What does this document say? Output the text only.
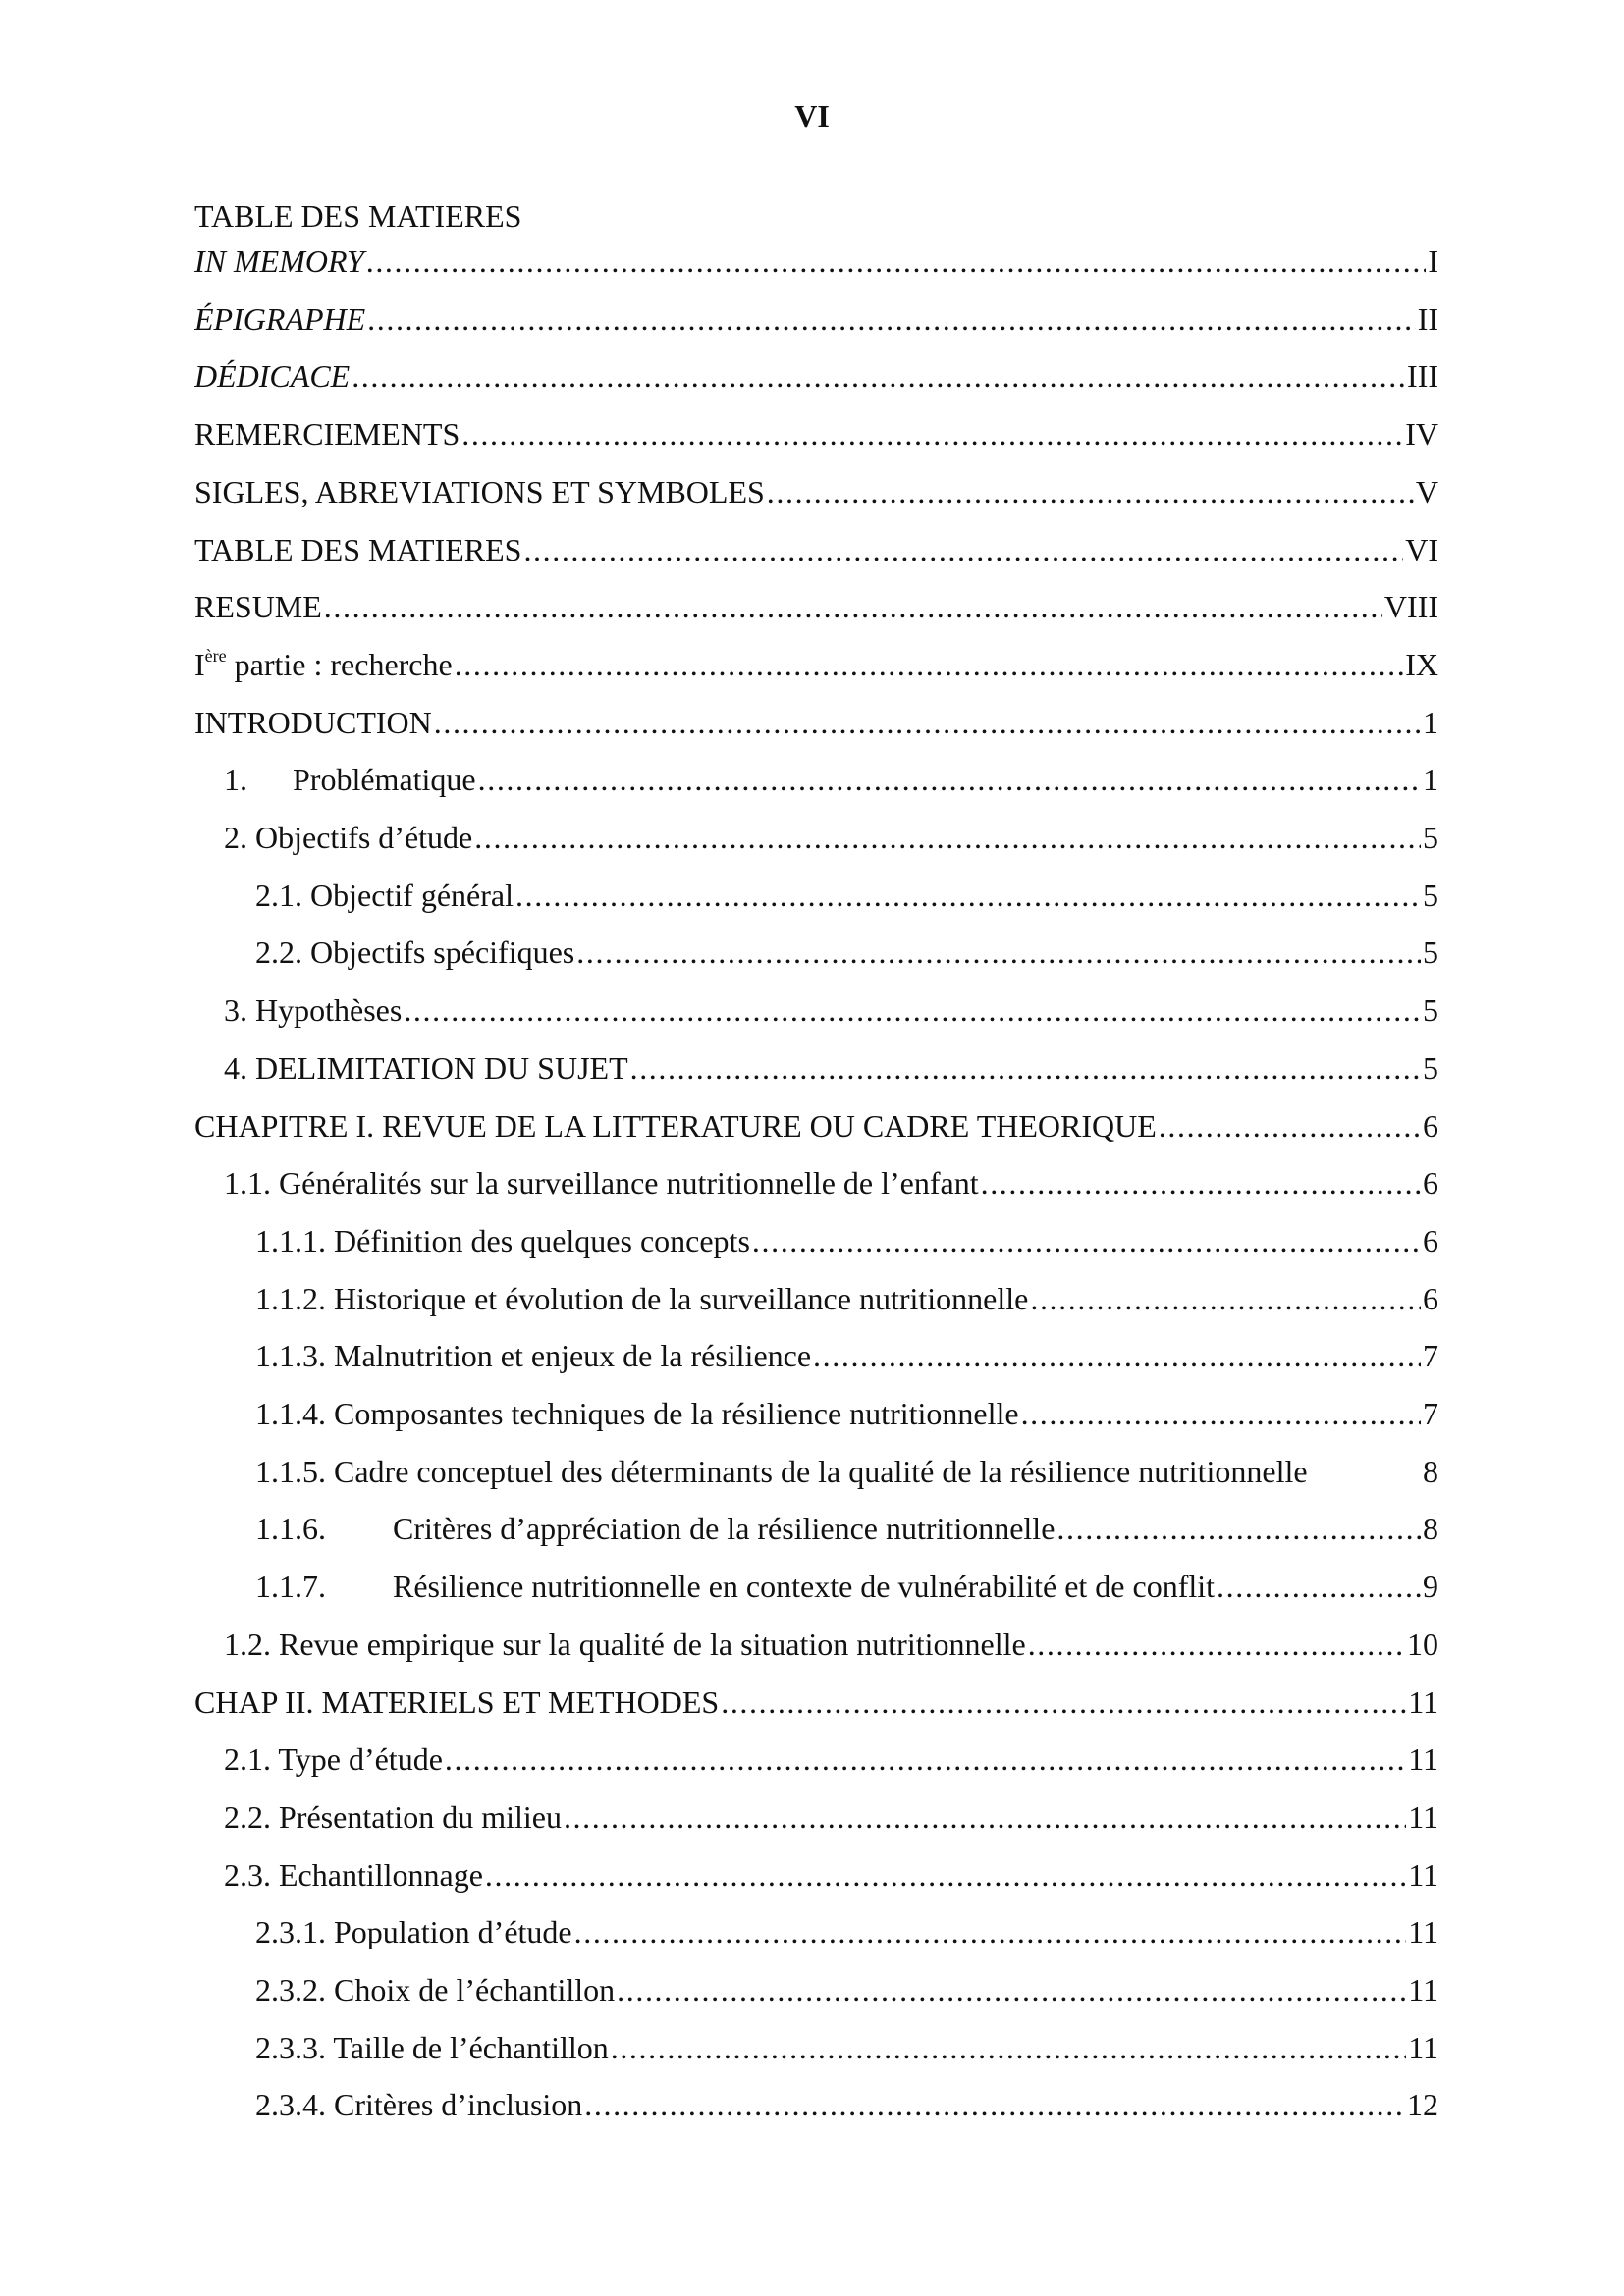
VI
TABLE DES MATIERES
IN MEMORY .....	I
ÉPIGRAPHE .....	II
DÉDICACE .....	III
REMERCIEMENTS .....	IV
SIGLES, ABREVIATIONS ET SYMBOLES .....	V
TABLE DES MATIERES .....	VI
RESUME .....	VIII
Ière partie : recherche .....	IX
INTRODUCTION .....	1
1. Problématique .....	1
2. Objectifs d’étude .....	5
2.1. Objectif général .....	5
2.2. Objectifs spécifiques .....	5
3. Hypothèses .....	5
4. DELIMITATION DU SUJET .....	5
CHAPITRE I. REVUE DE LA LITTERATURE OU CADRE THEORIQUE .....	6
1.1. Généralités sur la surveillance nutritionnelle de l’enfant .....	6
1.1.1. Définition des quelques concepts .....	6
1.1.2. Historique et évolution de la surveillance nutritionnelle .....	6
1.1.3. Malnutrition et enjeux de la résilience .....	7
1.1.4. Composantes techniques de la résilience nutritionnelle .....	7
1.1.5. Cadre conceptuel des déterminants de la qualité de la résilience nutritionnelle	8
1.1.6. Critères d’appréciation de la résilience nutritionnelle .....	8
1.1.7. Résilience nutritionnelle en contexte de vulnérabilité et de conflit .....	9
1.2. Revue empirique sur la qualité de la situation nutritionnelle .....	10
CHAP II. MATERIELS ET METHODES .....	11
2.1. Type d’étude .....	11
2.2. Présentation du milieu .....	11
2.3. Echantillonnage .....	11
2.3.1. Population d’étude .....	11
2.3.2. Choix de l’échantillon .....	11
2.3.3. Taille de l’échantillon .....	11
2.3.4. Critères d’inclusion .....	12
